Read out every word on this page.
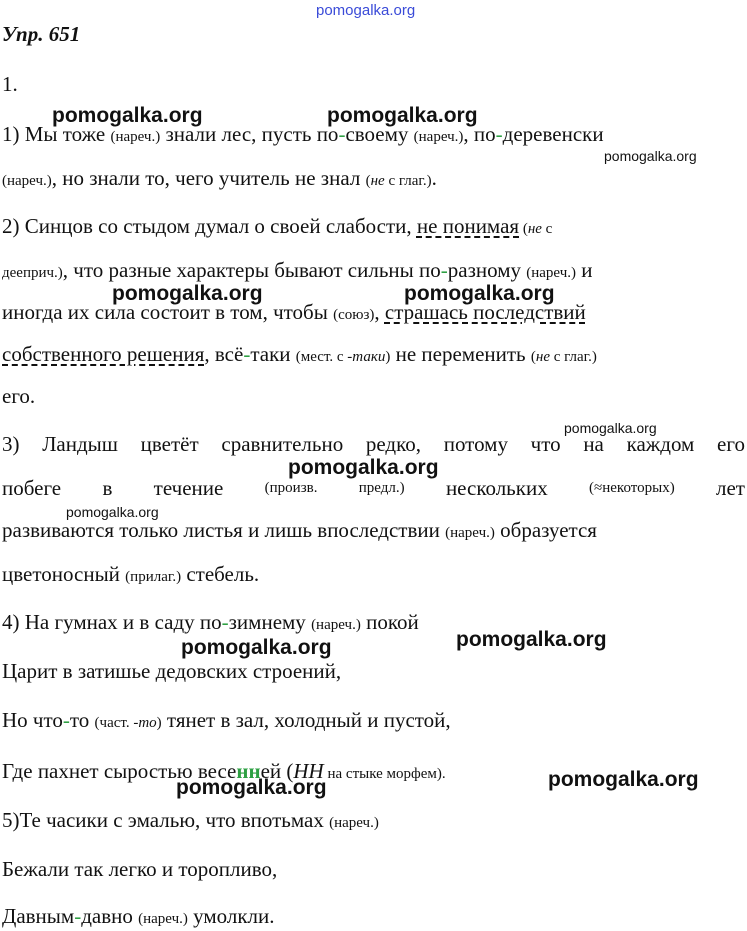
pomogalka.org
Упр. 651
1.
1) Мы тоже (нареч.) знали лес, пусть по-своему (нареч.), по-деревенски
(нареч.), но знали то, чего учитель не знал (не с глаг.).
2) Синцов со стыдом думал о своей слабости, не понимая (не с
дееприч.), что разные характеры бывают сильны по-разному (нареч.) и
иногда их сила состоит в том, чтобы (союз), страшась последствий
собственного решения, всё-таки (мест. с -таки) не переменить (не с глаг.)
его.
3) Ландыш цветёт сравнительно редко, потому что на каждом его
побеге в течение	(произв.	предл.) нескольких	(≈некоторых) лет
развиваются только листья и лишь впоследствии (нареч.) образуется
цветоносный (прилаг.) стебель.
4) На гумнах и в саду по-зимнему (нареч.) покой
Царит в затишье дедовских строений,
Но что-то (част. -то) тянет в зал, холодный и пустой,
Где пахнет сыростью весенней (НН на стыке морфем).
5)Те часики с эмалью, что впотьмах (нареч.)
Бежали так легко и торопливо,
Давным-давно (нареч.) умолкли.
pomogalka.org	pomogalka.org
pomogalka.org
pomogalka.org	pomogalka.org
pomogalka.org
pomogalka.org
pomogalka.org
pomogalka.org	pomogalka.org
pomogalka.org	pomogalka.org
